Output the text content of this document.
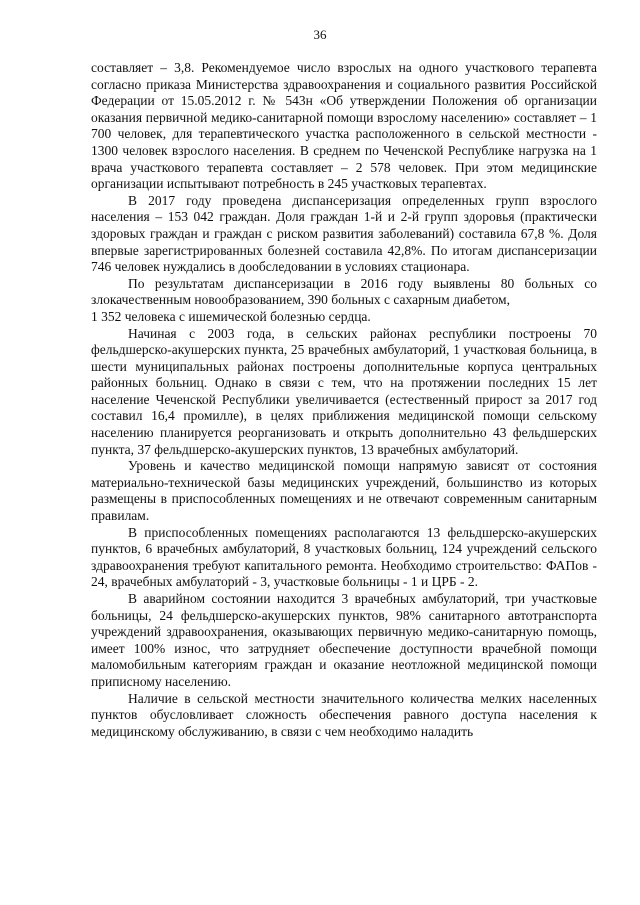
36

составляет – 3,8. Рекомендуемое число взрослых на одного участкового терапевта согласно приказа Министерства здравоохранения и социального развития Российской Федерации от 15.05.2012 г. № 543н «Об утверждении Положения об организации оказания первичной медико-санитарной помощи взрослому населению» составляет – 1 700 человек, для терапевтического участка расположенного в сельской местности - 1300 человек взрослого населения. В среднем по Чеченской Республике нагрузка на 1 врача участкового терапевта составляет – 2 578 человек. При этом медицинские организации испытывают потребность в 245 участковых терапевтах.

В 2017 году проведена диспансеризация определенных групп взрослого населения – 153 042 граждан. Доля граждан 1-й и 2-й групп здоровья (практически здоровых граждан и граждан с риском развития заболеваний) составила 67,8 %. Доля впервые зарегистрированных болезней составила 42,8%. По итогам диспансеризации 746 человек нуждались в дообследовании в условиях стационара.

По результатам диспансеризации в 2016 году выявлены 80 больных со злокачественным новообразованием, 390 больных с сахарным диабетом,

1 352 человека с ишемической болезнью сердца.

Начиная с 2003 года, в сельских районах республики построены 70 фельдшерско-акушерских пункта, 25 врачебных амбулаторий, 1 участковая больница, в шести муниципальных районах построены дополнительные корпуса центральных районных больниц. Однако в связи с тем, что на протяжении последних 15 лет население Чеченской Республики увеличивается (естественный прирост за 2017 год составил 16,4 промилле), в целях приближения медицинской помощи сельскому населению планируется реорганизовать и открыть дополнительно 43 фельдшерских пункта, 37 фельдшерско-акушерских пунктов, 13 врачебных амбулаторий.

Уровень и качество медицинской помощи напрямую зависят от состояния материально-технической базы медицинских учреждений, большинство из которых размещены в приспособленных помещениях и не отвечают современным санитарным правилам.

В приспособленных помещениях располагаются 13 фельдшерско-акушерских пунктов, 6 врачебных амбулаторий, 8 участковых больниц, 124 учреждений сельского здравоохранения требуют капитального ремонта. Необходимо строительство: ФАПов - 24, врачебных амбулаторий - 3, участковые больницы - 1 и ЦРБ - 2.

В аварийном состоянии находится 3 врачебных амбулаторий, три участковые больницы, 24 фельдшерско-акушерских пунктов, 98% санитарного автотранспорта учреждений здравоохранения, оказывающих первичную медико-санитарную помощь, имеет 100% износ, что затрудняет обеспечение доступности врачебной помощи маломобильным категориям граждан и оказание неотложной медицинской помощи приписному населению.

Наличие в сельской местности значительного количества мелких населенных пунктов обусловливает сложность обеспечения равного доступа населения к медицинскому обслуживанию, в связи с чем необходимо наладить
